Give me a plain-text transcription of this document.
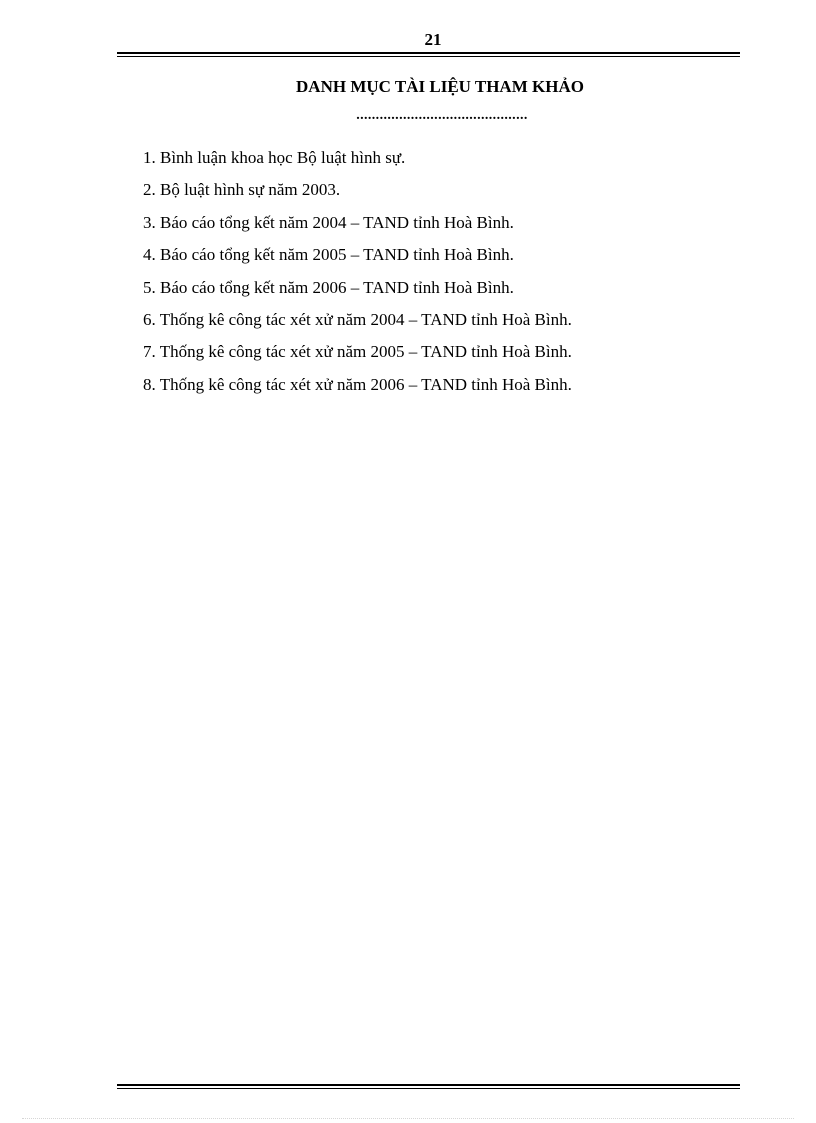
21
DANH MỤC TÀI LIỆU THAM KHẢO
............................................
1. Bình luận khoa học Bộ luật hình sự.
2. Bộ luật hình sự năm 2003.
3. Báo cáo tổng kết năm 2004 – TAND tỉnh Hoà Bình.
4. Báo cáo tổng kết năm 2005 – TAND tỉnh Hoà Bình.
5. Báo cáo tổng kết năm 2006 – TAND tỉnh Hoà Bình.
6. Thống kê công tác xét xử năm 2004 – TAND tỉnh Hoà Bình.
7. Thống kê công tác xét xử năm 2005 – TAND tỉnh Hoà Bình.
8. Thống kê công tác xét xử năm 2006 – TAND tỉnh Hoà Bình.
